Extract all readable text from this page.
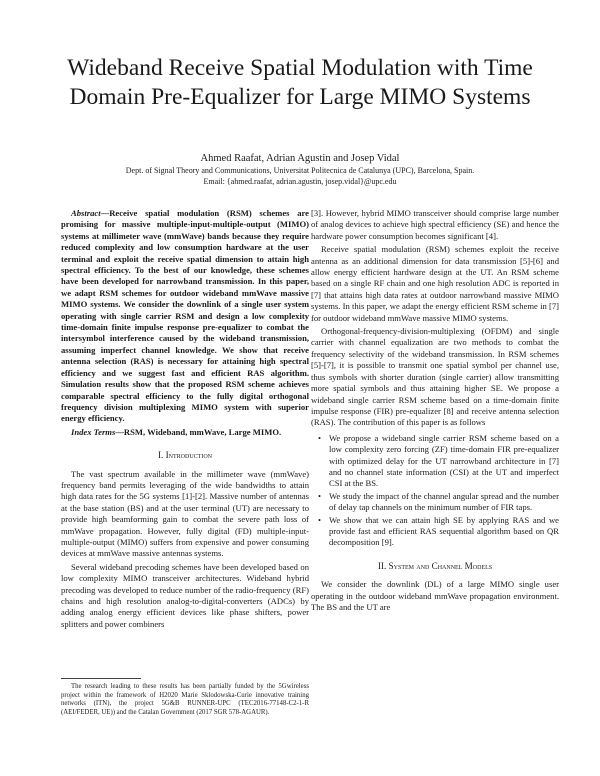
Wideband Receive Spatial Modulation with Time Domain Pre-Equalizer for Large MIMO Systems
Ahmed Raafat, Adrian Agustin and Josep Vidal
Dept. of Signal Theory and Communications, Universitat Politecnica de Catalunya (UPC), Barcelona, Spain.
Email: {ahmed.raafat, adrian.agustin, josep.vidal}@upc.edu

Abstract—Receive spatial modulation (RSM) schemes are promising for massive multiple-input-multiple-output (MIMO) systems at millimeter wave (mmWave) bands because they require reduced complexity and low consumption hardware at the user terminal and exploit the receive spatial dimension to attain high spectral efficiency. To the best of our knowledge, these schemes have been developed for narrowband transmission. In this paper, we adapt RSM schemes for outdoor wideband mmWave massive MIMO systems. We consider the downlink of a single user system operating with single carrier RSM and design a low complexity time-domain finite impulse response pre-equalizer to combat the intersymbol interference caused by the wideband transmission, assuming imperfect channel knowledge. We show that receive antenna selection (RAS) is necessary for attaining high spectral efficiency and we suggest fast and efficient RAS algorithm. Simulation results show that the proposed RSM scheme achieves comparable spectral efficiency to the fully digital orthogonal frequency division multiplexing MIMO system with superior energy efficiency.

Index Terms—RSM, Wideband, mmWave, Large MIMO.

I. Introduction

The vast spectrum available in the millimeter wave (mmWave) frequency band permits leveraging of the wide bandwidths to attain high data rates for the 5G systems [1]-[2]. Massive number of antennas at the base station (BS) and at the user terminal (UT) are necessary to provide high beamforming gain to combat the severe path loss of mmWave propagation. However, fully digital (FD) multiple-input-multiple-output (MIMO) suffers from expensive and power consuming devices at mmWave massive antennas systems.

Several wideband precoding schemes have been developed based on low complexity MIMO transceiver architectures. Wideband hybrid precoding was developed to reduce number of the radio-frequency (RF) chains and high resolution analog-to-digital-converters (ADCs) by adding analog energy efficient devices like phase shifters, power splitters and power combiners

The research leading to these results has been partially funded by the 5Gwireless project within the framework of H2020 Marie Sklodowska-Curie innovative training networks (ITN), the project 5G&B RUNNER-UPC (TEC2016-77148-C2-1-R (AEI/FEDER, UE)) and the Catalan Government (2017 SGR 578-AGAUR).

[3]. However, hybrid MIMO transceiver should comprise large number of analog devices to achieve high spectral efficiency (SE) and hence the hardware power consumption becomes significant [4].

Receive spatial modulation (RSM) schemes exploit the receive antenna as an additional dimension for data transmission [5]-[6] and allow energy efficient hardware design at the UT. An RSM scheme based on a single RF chain and one high resolution ADC is reported in [7] that attains high data rates at outdoor narrowband massive MIMO systems. In this paper, we adapt the energy efficient RSM scheme in [7] for outdoor wideband mmWave massive MIMO systems.

Orthogonal-frequency-division-multiplexing (OFDM) and single carrier with channel equalization are two methods to combat the frequency selectivity of the wideband transmission. In RSM schemes [5]-[7], it is possible to transmit one spatial symbol per channel use, thus symbols with shorter duration (single carrier) allow transmitting more spatial symbols and thus attaining higher SE. We propose a wideband single carrier RSM scheme based on a time-domain finite impulse response (FIR) pre-equalizer [8] and receive antenna selection (RAS). The contribution of this paper is as follows

• We propose a wideband single carrier RSM scheme based on a low complexity zero forcing (ZF) time-domain FIR pre-equalizer with optimized delay for the UT narrowband architecture in [7] and no channel state information (CSI) at the UT and imperfect CSI at the BS.
• We study the impact of the channel angular spread and the number of delay tap channels on the minimum number of FIR taps.
• We show that we can attain high SE by applying RAS and we provide fast and efficient RAS sequential algorithm based on QR decomposition [9].
II. System and Channel Models

We consider the downlink (DL) of a large MIMO single user operating in the outdoor wideband mmWave propagation environment. The BS and the UT are
